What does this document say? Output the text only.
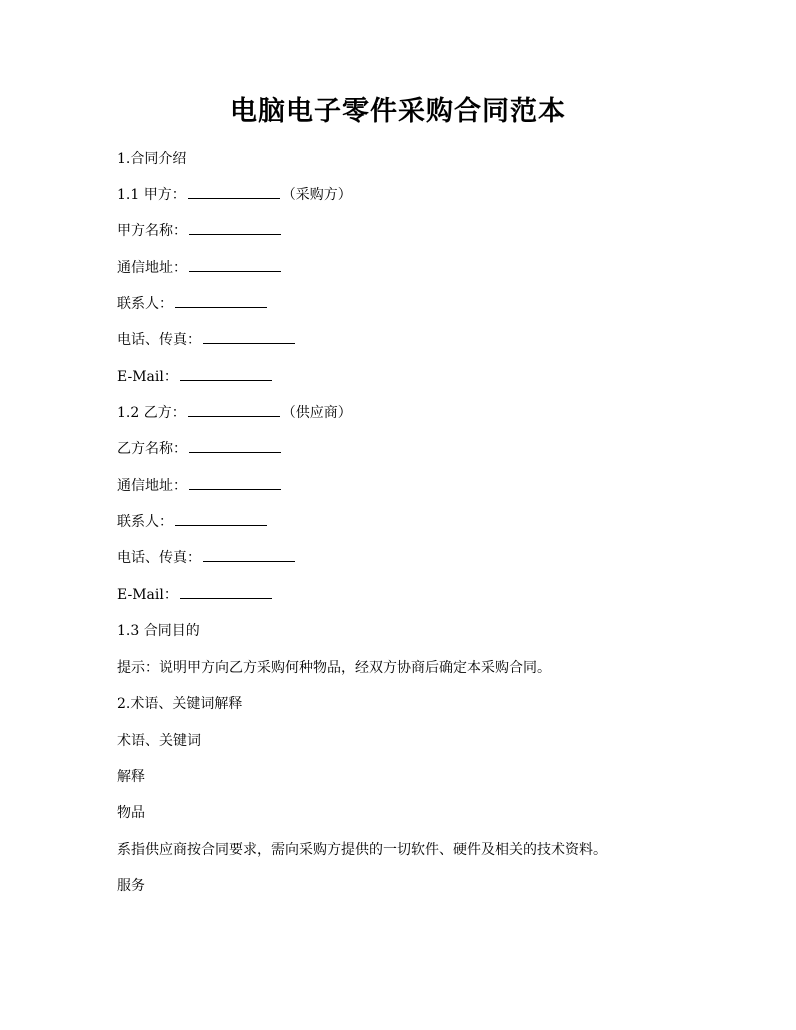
电脑电子零件采购合同范本

1.合同介绍

1.1 甲方：	（采购方）

甲方名称：

通信地址：

联系人：

电话、传真：

E-Mail：

1.2 乙方：	（供应商）

乙方名称：

通信地址：

联系人：

电话、传真：

E-Mail：

1.3 合同目的

提示：说明甲方向乙方采购何种物品，经双方协商后确定本采购合同。

2.术语、关键词解释

术语、关键词

解释

物品

系指供应商按合同要求，需向采购方提供的一切软件、硬件及相关的技术资料。

服务
